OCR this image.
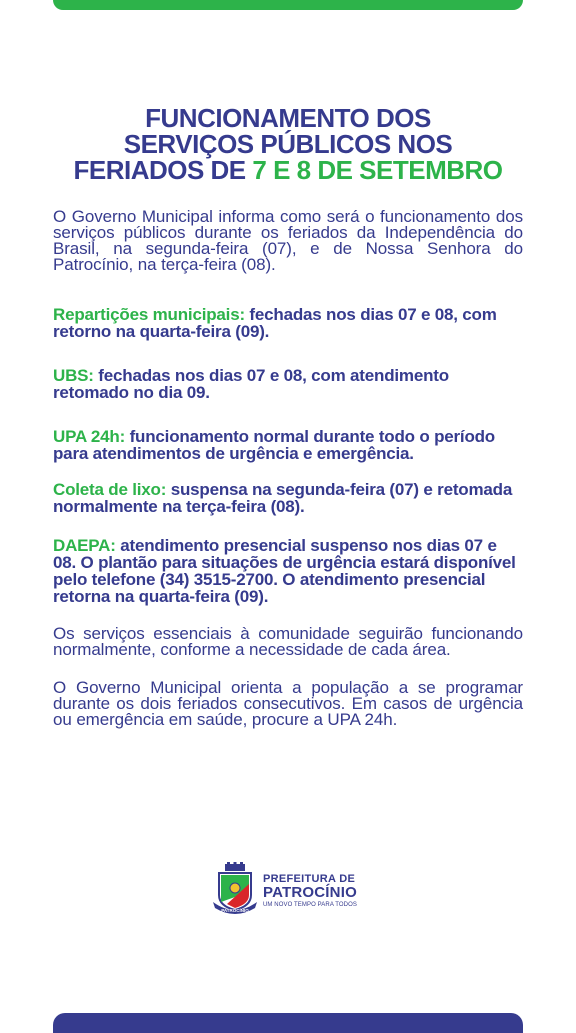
FUNCIONAMENTO DOS
SERVIÇOS PÚBLICOS NOS
FERIADOS DE 7 E 8 DE SETEMBRO

O Governo Municipal informa como será o funcionamento dos serviços públicos durante os feriados da Independência do Brasil, na segunda-feira (07), e de Nossa Senhora do Patrocínio, na terça-feira (08).

Repartições municipais: fechadas nos dias 07 e 08, com retorno na quarta-feira (09).

UBS: fechadas nos dias 07 e 08, com atendimento retomado no dia 09.

UPA 24h: funcionamento normal durante todo o período para atendimentos de urgência e emergência.

Coleta de lixo: suspensa na segunda-feira (07) e retomada normalmente na terça-feira (08).

DAEPA: atendimento presencial suspenso nos dias 07 e 08. O plantão para situações de urgência estará disponível pelo telefone (34) 3515-2700. O atendimento presencial retorna na quarta-feira (09).

Os serviços essenciais à comunidade seguirão funcionando normalmente, conforme a necessidade de cada área.

O Governo Municipal orienta a população a se programar durante os dois feriados consecutivos. Em casos de urgência ou emergência em saúde, procure a UPA 24h.

PATROCÍNIO
PREFEITURA DE
PATROCÍNIO
UM NOVO TEMPO PARA TODOS
